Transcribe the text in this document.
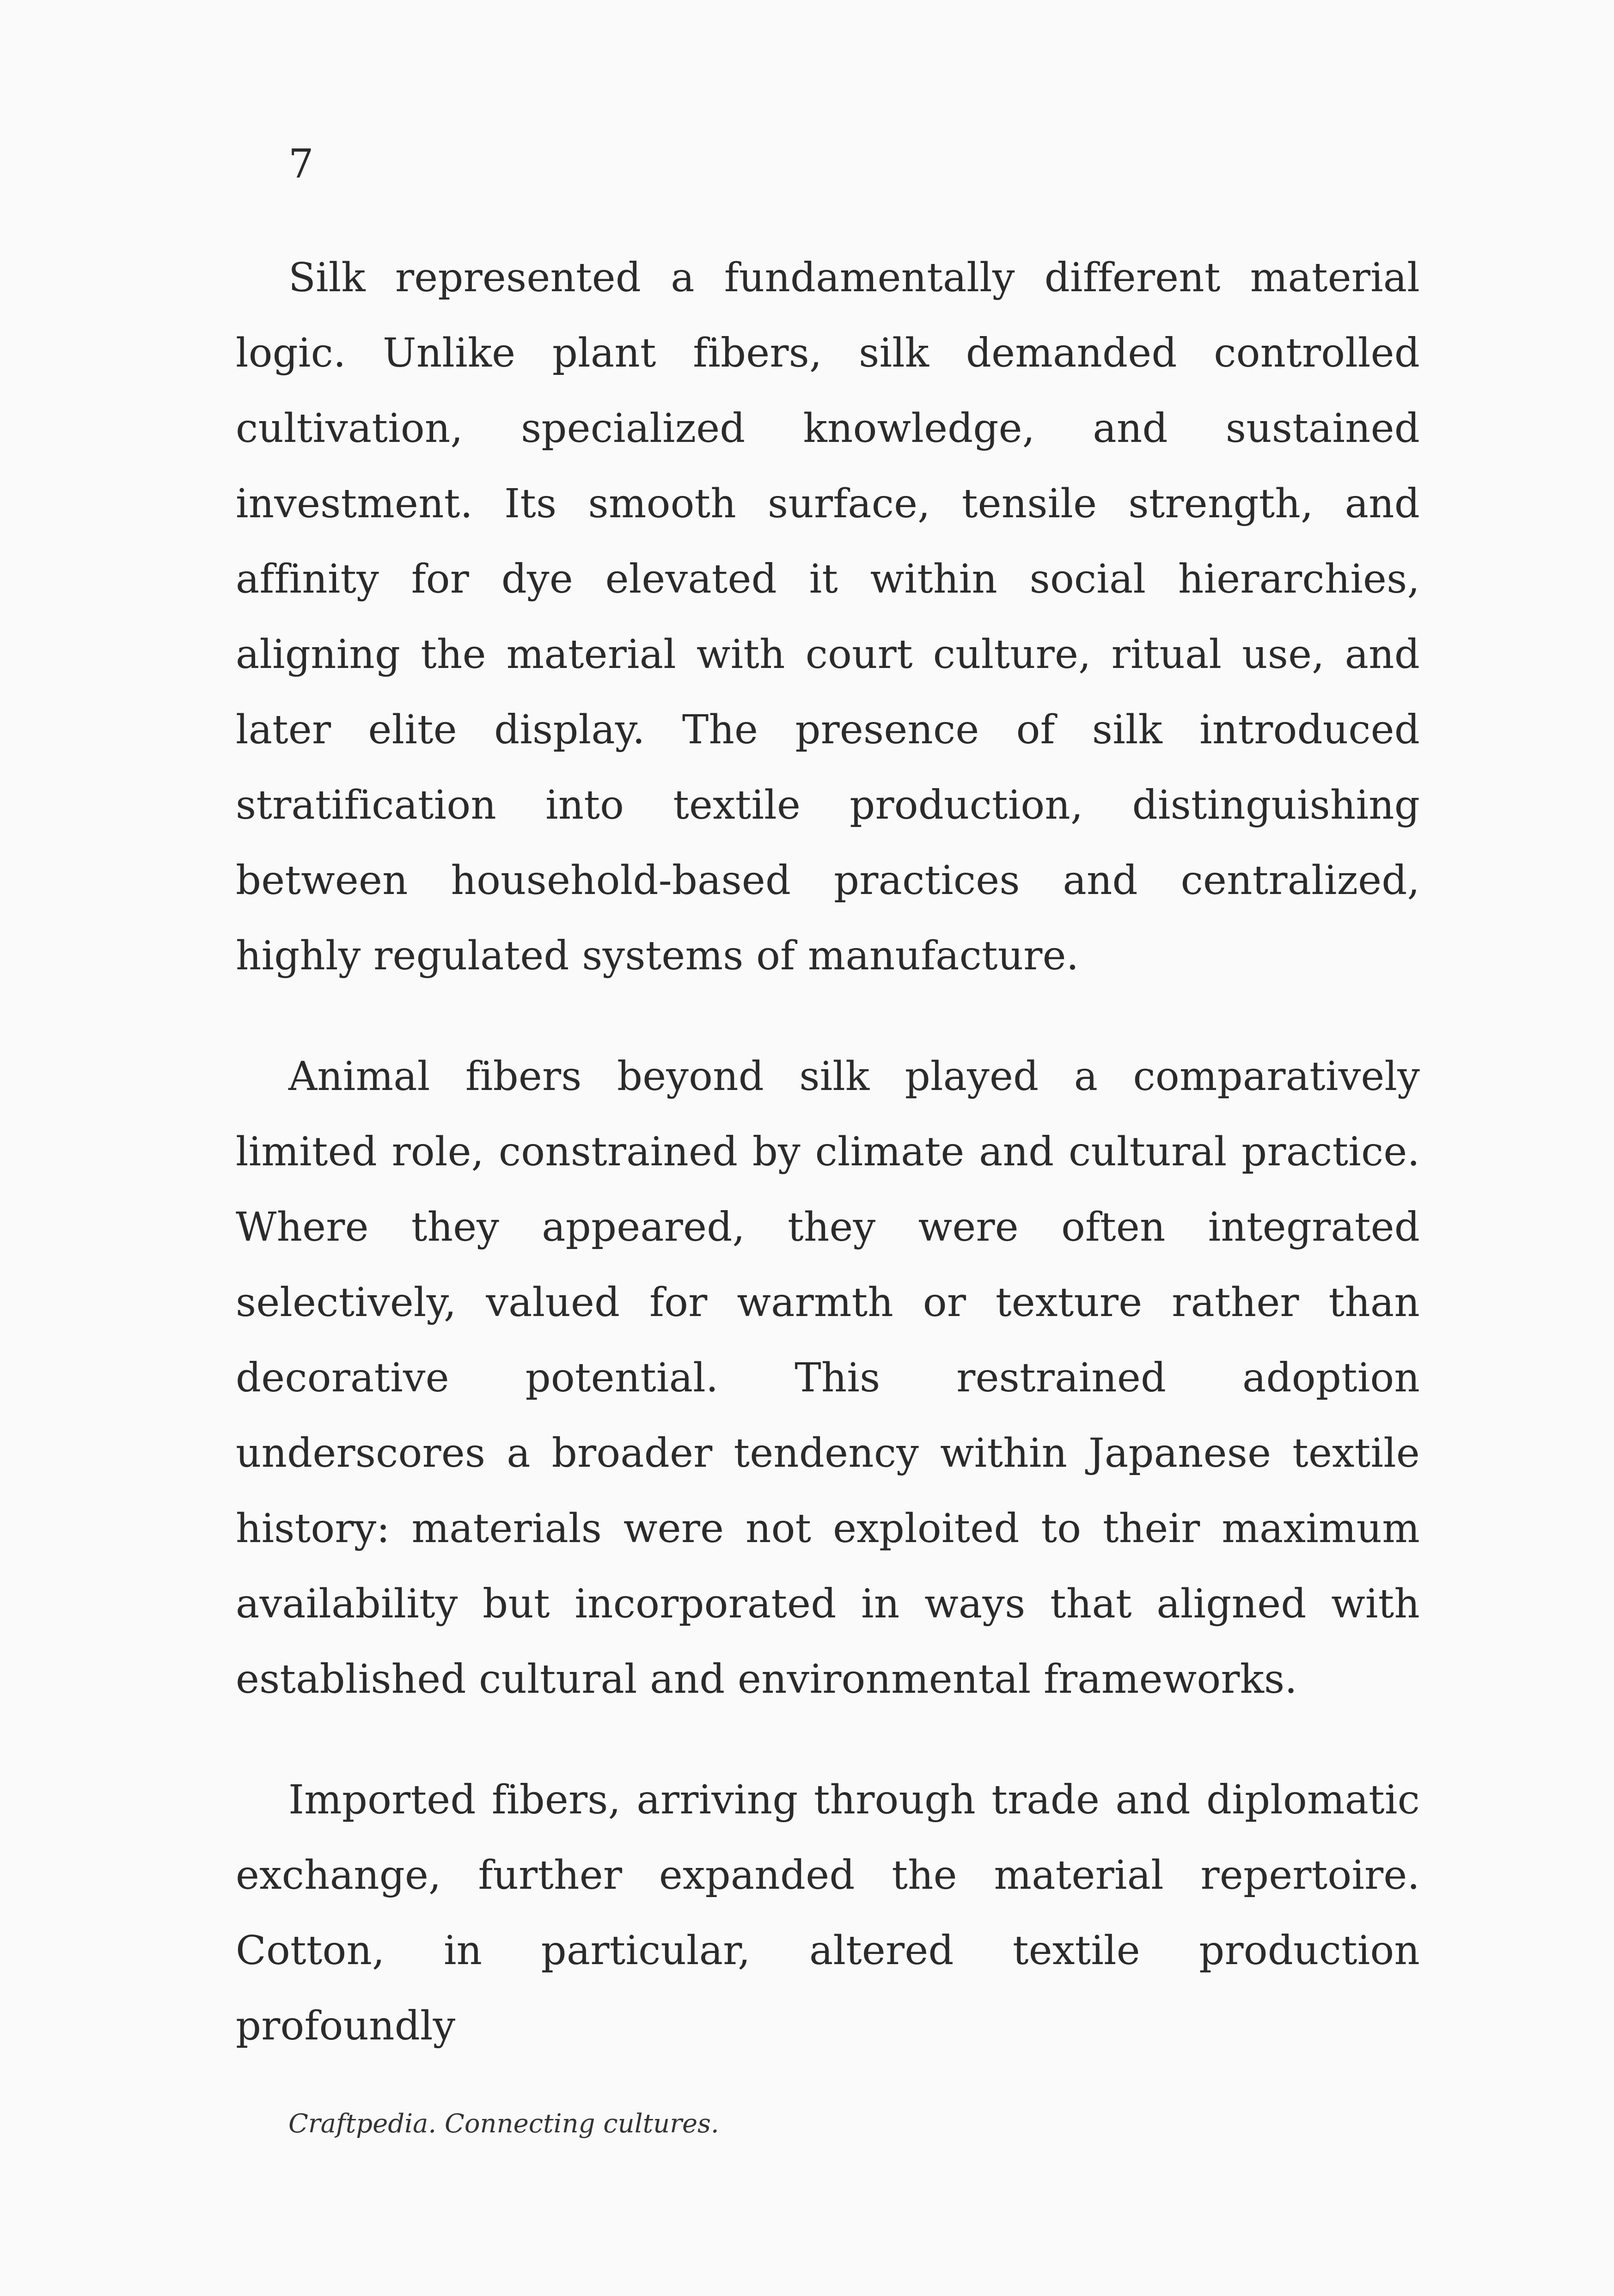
7

Silk represented a fundamentally different material logic. Unlike plant fibers, silk demanded controlled cultivation, specialized knowledge, and sustained investment. Its smooth surface, tensile strength, and affinity for dye elevated it within social hierarchies, aligning the material with court culture, ritual use, and later elite display. The presence of silk introduced stratification into textile production, distinguishing between household-based practices and centralized, highly regulated systems of manufacture.

Animal fibers beyond silk played a comparatively limited role, constrained by climate and cultural practice. Where they appeared, they were often integrated selectively, valued for warmth or texture rather than decorative potential. This restrained adoption underscores a broader tendency within Japanese textile history: materials were not exploited to their maximum availability but incorporated in ways that aligned with established cultural and environmental frameworks.

Imported fibers, arriving through trade and diplomatic exchange, further expanded the material repertoire. Cotton, in particular, altered textile production profoundly

Craftpedia. Connecting cultures.
